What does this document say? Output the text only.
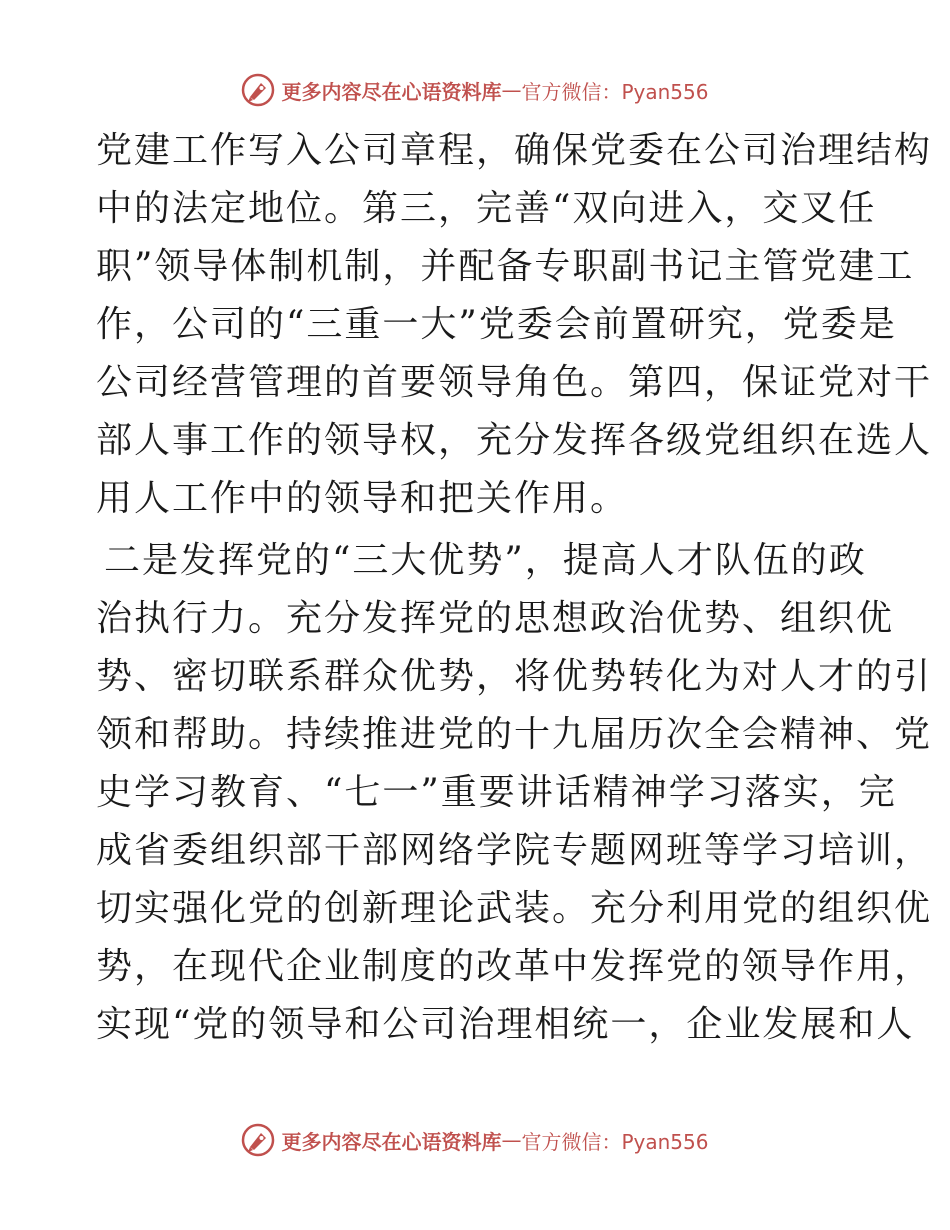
更多内容尽在心语资料库 — 官方微信：Pyan556
党建工作写入公司章程，确保党委在公司治理结构
中的法定地位。第三，完善“双向进入，交叉任
职”领导体制机制，并配备专职副书记主管党建工
作，公司的“三重一大”党委会前置研究，党委是
公司经营管理的首要领导角色。第四，保证党对干
部人事工作的领导权，充分发挥各级党组织在选人
用人工作中的领导和把关作用。
二是发挥党的“三大优势”，提高人才队伍的政
治执行力。充分发挥党的思想政治优势、组织优
势、密切联系群众优势，将优势转化为对人才的引
领和帮助。持续推进党的十九届历次全会精神、党
史学习教育、“七一”重要讲话精神学习落实，完
成省委组织部干部网络学院专题网班等学习培训，
切实强化党的创新理论武装。充分利用党的组织优
势，在现代企业制度的改革中发挥党的领导作用，
实现“党的领导和公司治理相统一，企业发展和人
更多内容尽在心语资料库 — 官方微信：Pyan556
